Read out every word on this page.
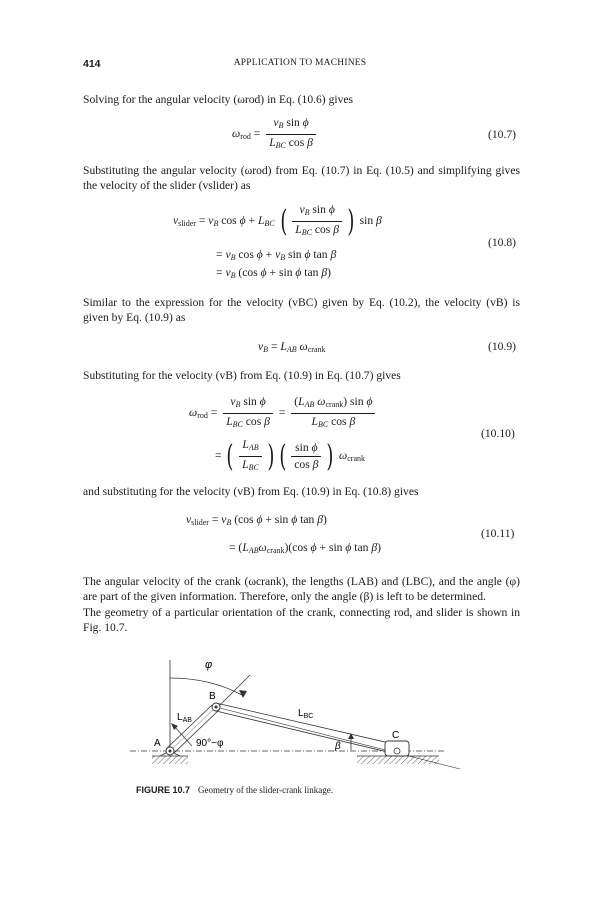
414	APPLICATION TO MACHINES
Solving for the angular velocity (ωrod) in Eq. (10.6) gives
$\omega_{rod} = \frac{v_B \sin \phi}{L_{BC} \cos \beta}$	(10.7)
Substituting the angular velocity (ωrod) from Eq. (10.7) in Eq. (10.5) and simplifying gives the velocity of the slider (vslider) as
$v_{slider} = v_B$ $\cos \phi + L_{BC}$ ( $\frac{v_B \sin \phi}{L_{BC} \cos \beta}$ ) sin β
= $v_B$ $\cos \phi + v_B$ sin ϕ tan β
= $v_B$ (cos ϕ + sin ϕ tan β)
(10.8)
Similar to the expression for the velocity (vBC) given by Eq. (10.2), the velocity (vB) is given by Eq. (10.9) as
$v_B = L_{AB}$ $\omega_{crank}$	(10.9)
Substituting for the velocity (vB) from Eq. (10.9) in Eq. (10.7) gives
$\omega_{rod} = \frac{v_B \sin \phi}{L_{BC} \cos \beta} = \frac{(L_{AB} \omega_{crank}) \sin \phi}{L_{BC} \cos \beta}$
= ( $\frac{L_{AB}}{L_{BC}}$ ) ( $\frac{\text{sin ϕ}}{\text{cos β}}$ ) $\omega_{crank}$
(10.10)
and substituting for the velocity (vB) from Eq. (10.9) in Eq. (10.8) gives
$v_{slider} = v_B$ (cos ϕ + sin ϕ tan β)
= $(L_{AB}\omega_{crank})(\cos$ ϕ + sin ϕ tan β)
(10.11)
The angular velocity of the crank (ωcrank), the lengths (LAB) and (LBC), and the angle (φ) are part of the given information. Therefore, only the angle (β) is left to be determined.
The geometry of a particular orientation of the crank, connecting rod, and slider is shown in Fig. 10.7.
φ
B
A
C
$L_{AB}$
$L_{BC}$
90°−φ	β
FIGURE 10.7 Geometry of the slider-crank linkage.
